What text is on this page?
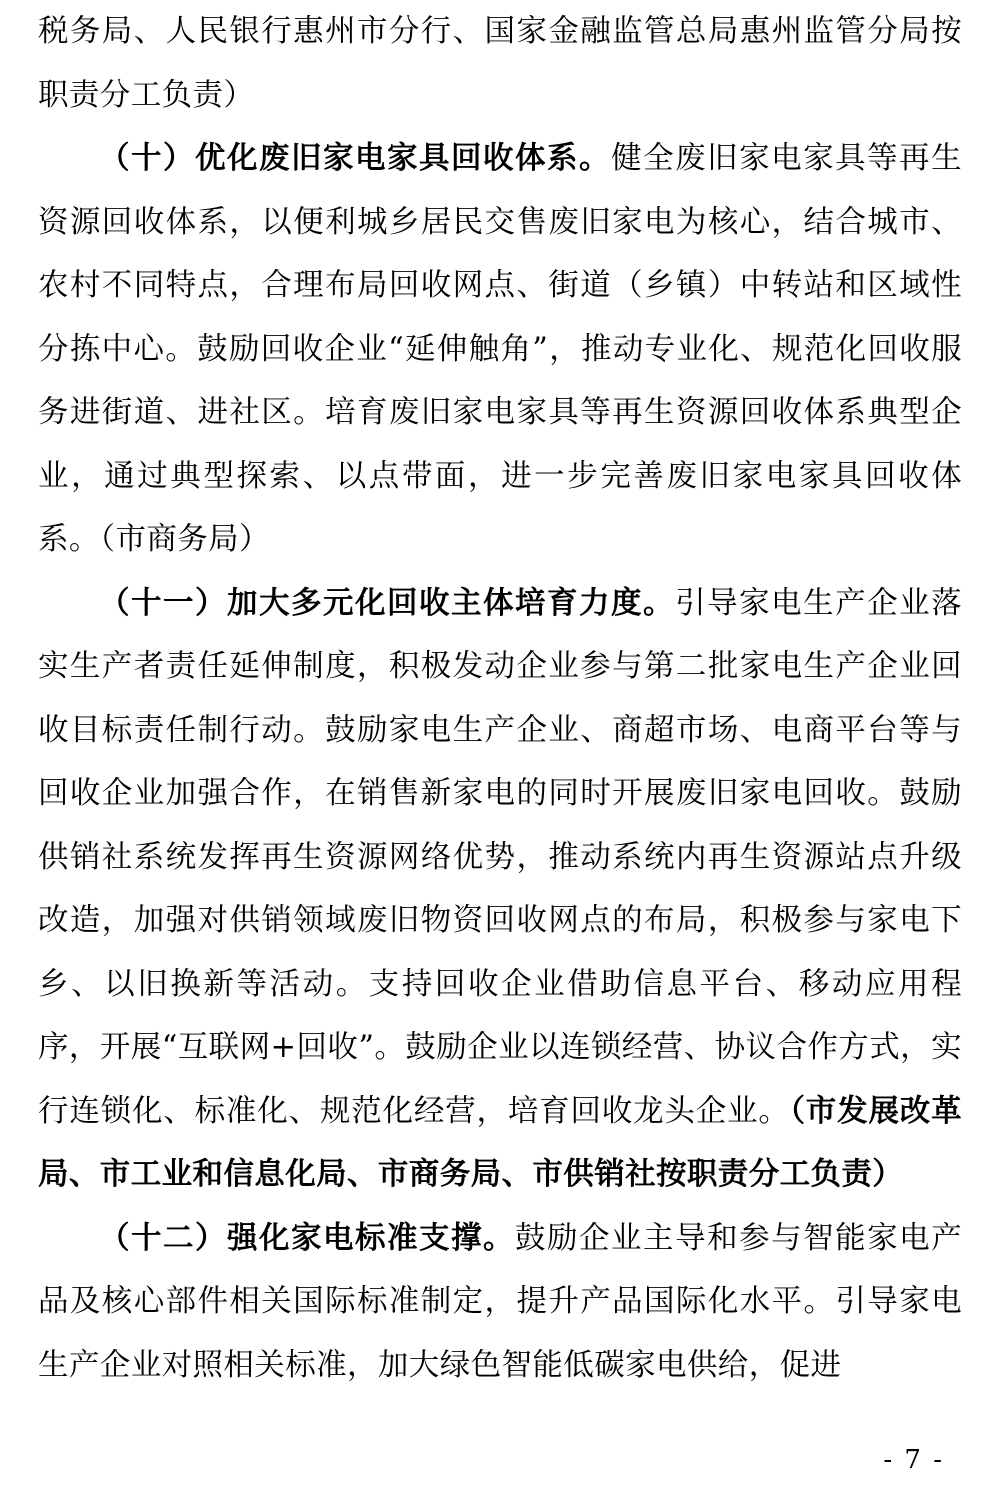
税务局、人民银行惠州市分行、国家金融监管总局惠州监管分局按职责分工负责）

（十）优化废旧家电家具回收体系。健全废旧家电家具等再生资源回收体系，以便利城乡居民交售废旧家电为核心，结合城市、农村不同特点，合理布局回收网点、街道（乡镇）中转站和区域性分拣中心。鼓励回收企业“延伸触角”，推动专业化、规范化回收服务进街道、进社区。培育废旧家电家具等再生资源回收体系典型企业，通过典型探索、以点带面，进一步完善废旧家电家具回收体系。（市商务局）

（十一）加大多元化回收主体培育力度。引导家电生产企业落实生产者责任延伸制度，积极发动企业参与第二批家电生产企业回收目标责任制行动。鼓励家电生产企业、商超市场、电商平台等与回收企业加强合作，在销售新家电的同时开展废旧家电回收。鼓励供销社系统发挥再生资源网络优势，推动系统内再生资源站点升级改造，加强对供销领域废旧物资回收网点的布局，积极参与家电下乡、以旧换新等活动。支持回收企业借助信息平台、移动应用程序，开展“互联网+回收”。鼓励企业以连锁经营、协议合作方式，实行连锁化、标准化、规范化经营，培育回收龙头企业。（市发展改革局、市工业和信息化局、市商务局、市供销社按职责分工负责）

（十二）强化家电标准支撑。鼓励企业主导和参与智能家电产品及核心部件相关国际标准制定，提升产品国际化水平。引导家电生产企业对照相关标准，加大绿色智能低碳家电供给，促进

- 7 -
